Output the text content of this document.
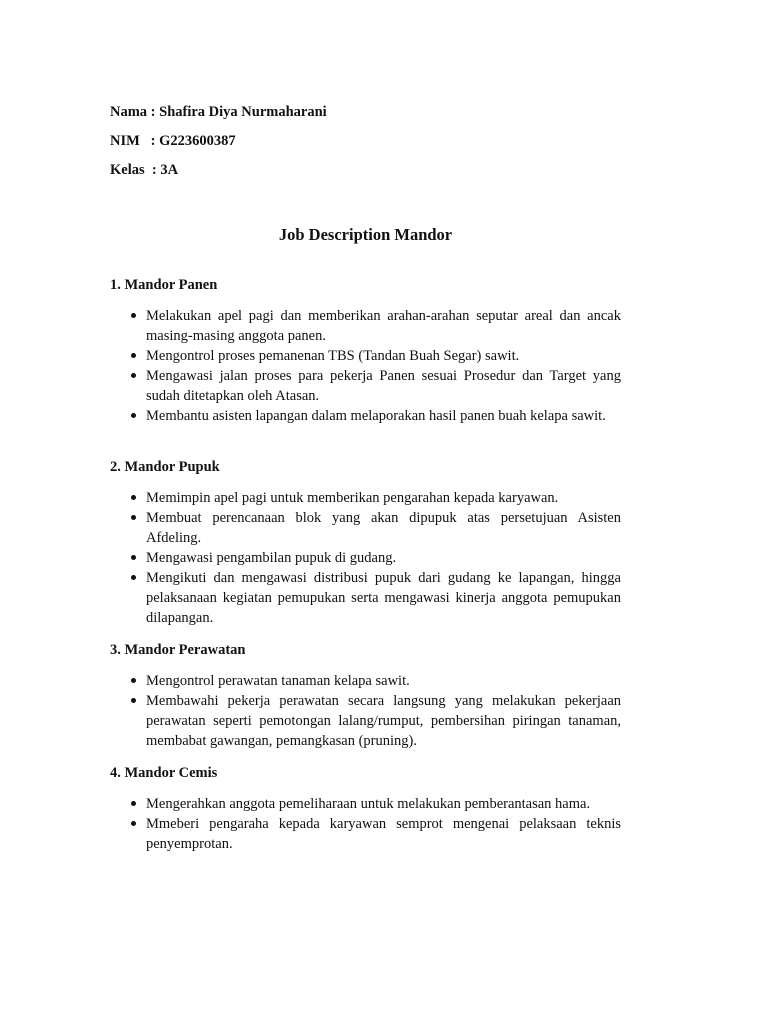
Nama : Shafira Diya Nurmaharani
NIM   : G223600387
Kelas  : 3A
Job Description Mandor

1. Mandor Panen

Melakukan apel pagi dan memberikan arahan-arahan seputar areal dan ancak masing-masing anggota panen.
Mengontrol proses pemanenan TBS (Tandan Buah Segar) sawit.
Mengawasi jalan proses para pekerja Panen sesuai Prosedur dan Target yang sudah ditetapkan oleh Atasan.
Membantu asisten lapangan dalam melaporakan hasil panen buah kelapa sawit.

2. Mandor Pupuk

Memimpin apel pagi untuk memberikan pengarahan kepada karyawan.
Membuat perencanaan blok yang akan dipupuk atas persetujuan Asisten Afdeling.
Mengawasi pengambilan pupuk di gudang.
Mengikuti dan mengawasi distribusi pupuk dari gudang ke lapangan, hingga pelaksanaan kegiatan pemupukan serta mengawasi kinerja anggota pemupukan dilapangan.

3. Mandor Perawatan

Mengontrol perawatan tanaman kelapa sawit.
Membawahi pekerja perawatan secara langsung yang melakukan pekerjaan perawatan seperti pemotongan lalang/rumput, pembersihan piringan tanaman, membabat gawangan, pemangkasan (pruning).

4. Mandor Cemis

Mengerahkan anggota pemeliharaan untuk melakukan pemberantasan hama.
Mmeberi pengaraha kepada karyawan semprot mengenai pelaksaan teknis penyemprotan.
